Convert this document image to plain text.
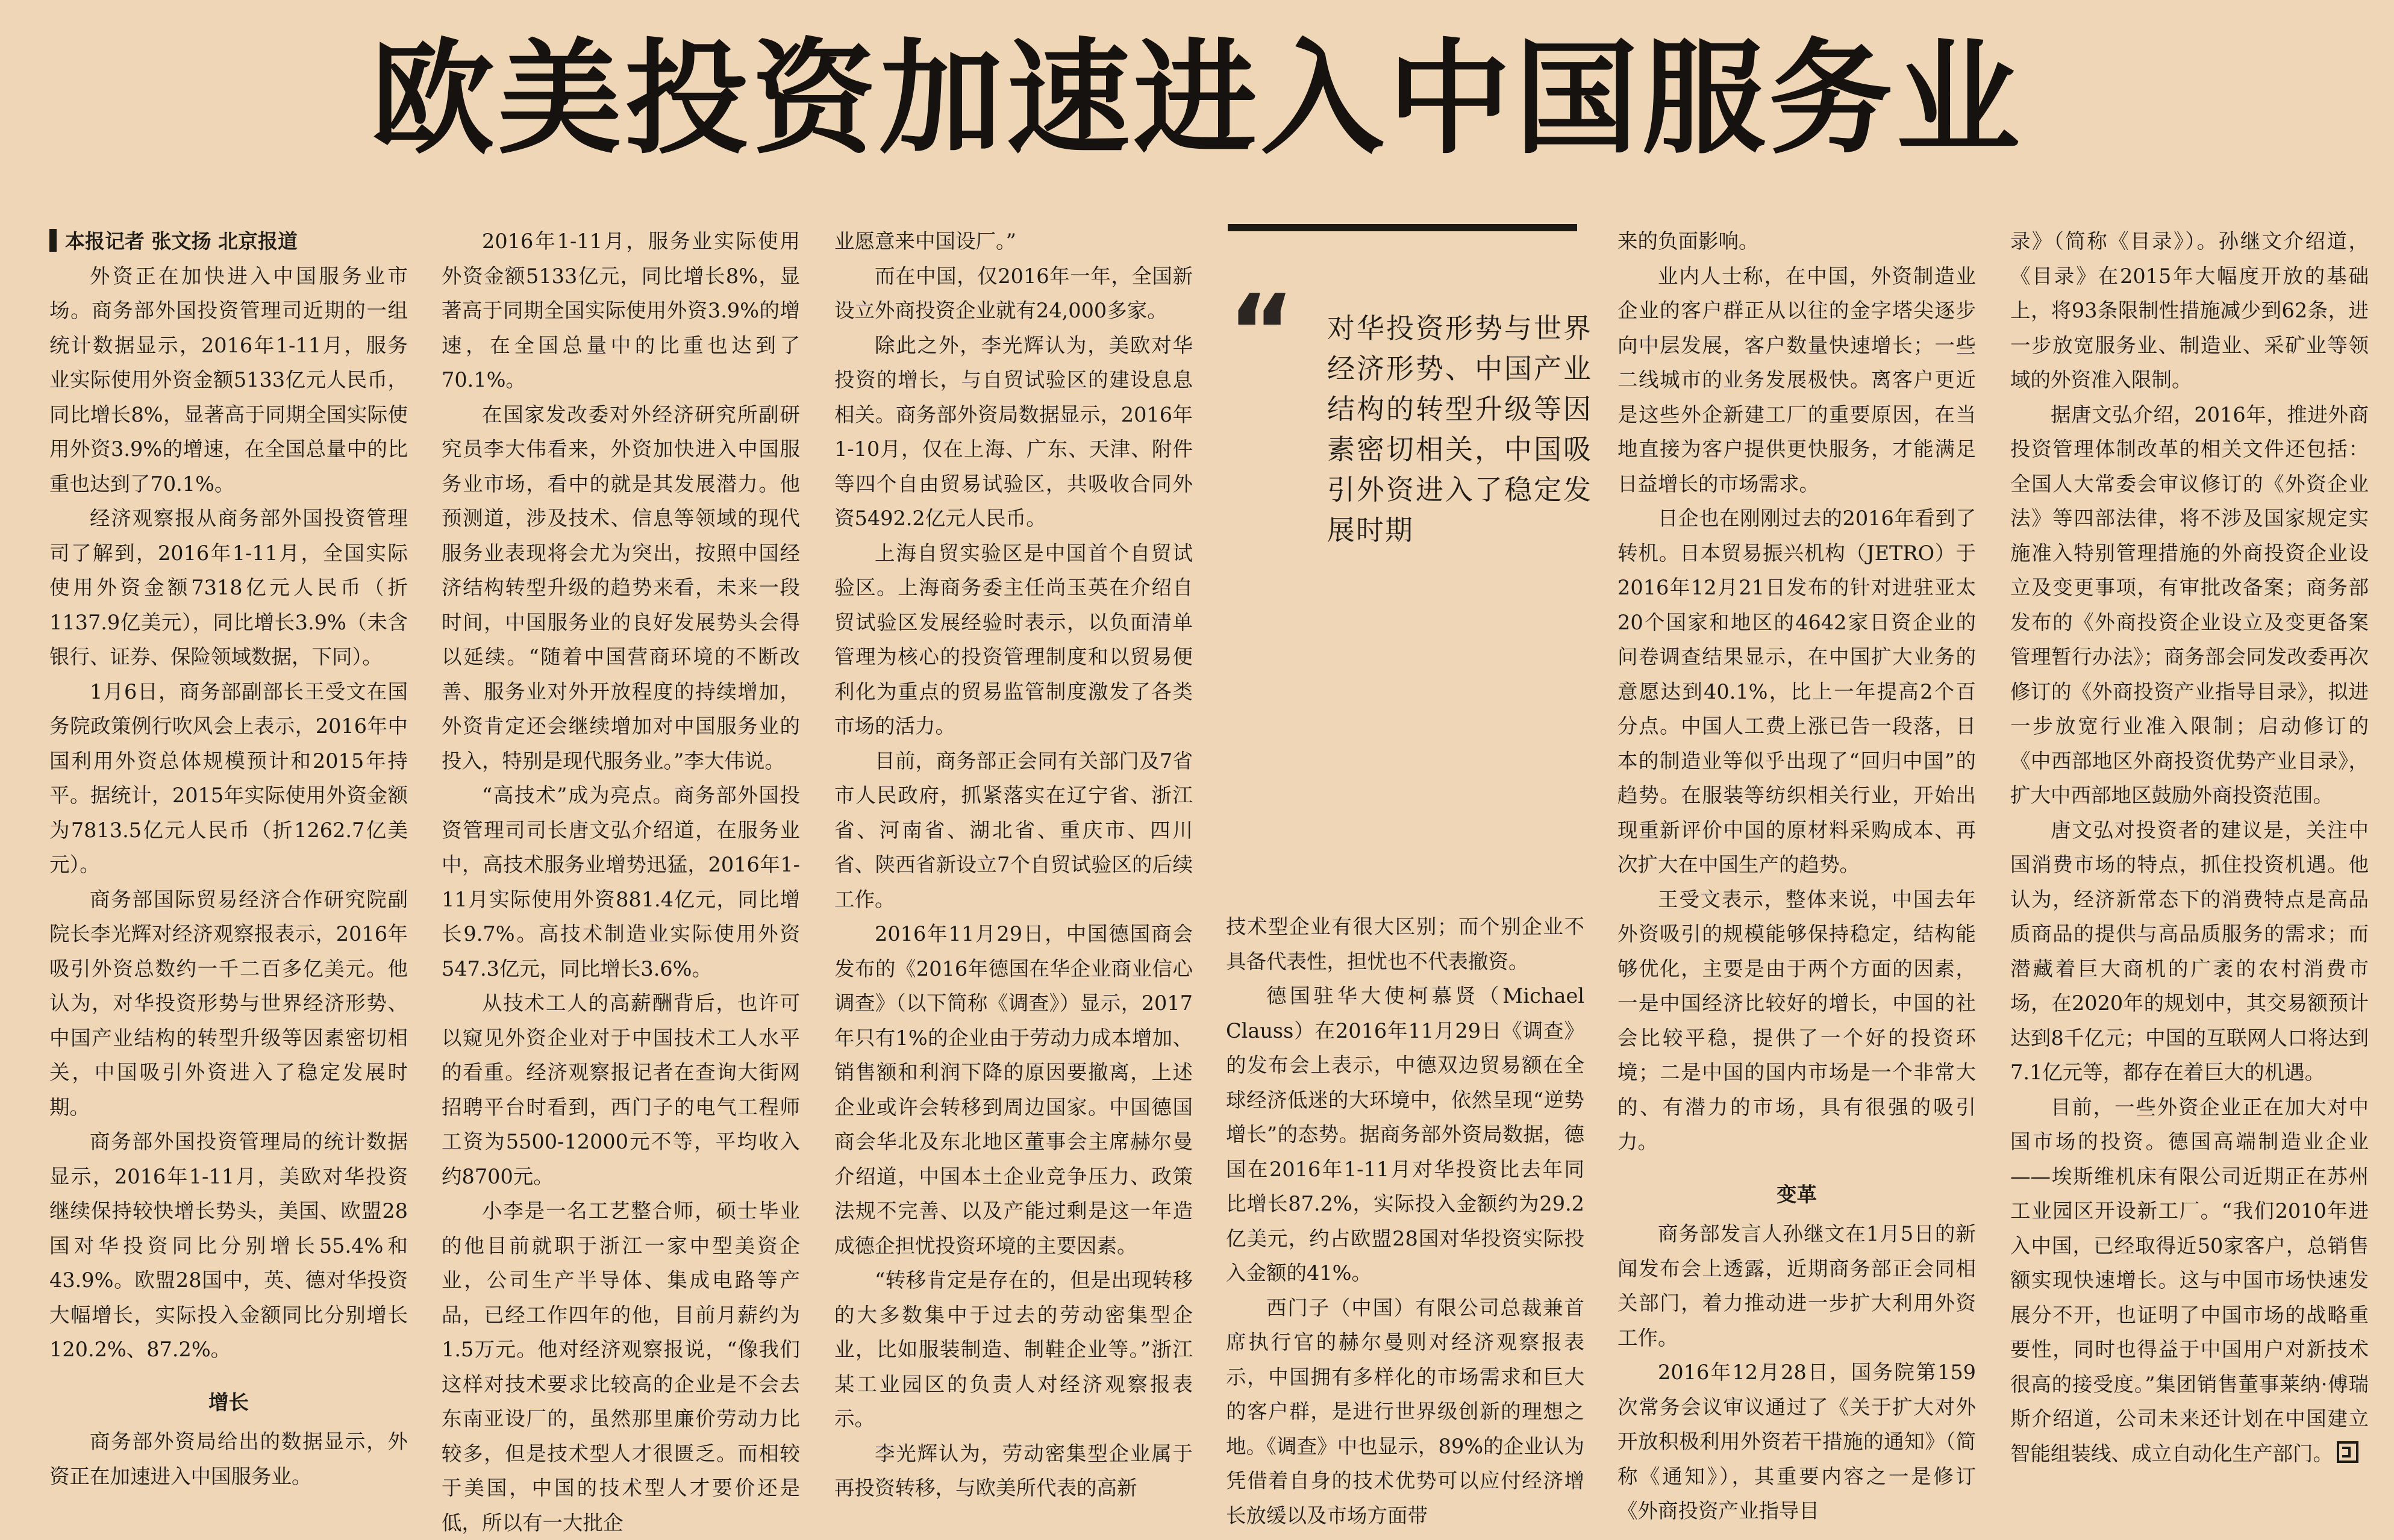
欧美投资加速进入中国服务业
本报记者 张文扬 北京报道

外资正在加快进入中国服务业市场。商务部外国投资管理司近期的一组统计数据显示，2016年1-11月，服务业实际使用外资金额5133亿元人民币，同比增长8%，显著高于同期全国实际使用外资3.9%的增速，在全国总量中的比重也达到了70.1%。

经济观察报从商务部外国投资管理司了解到，2016年1-11月，全国实际使用外资金额7318亿元人民币（折1137.9亿美元），同比增长3.9%（未含银行、证券、保险领域数据，下同）。

1月6日，商务部副部长王受文在国务院政策例行吹风会上表示，2016年中国利用外资总体规模预计和2015年持平。据统计，2015年实际使用外资金额为7813.5亿元人民币（折1262.7亿美元）。

商务部国际贸易经济合作研究院副院长李光辉对经济观察报表示，2016年吸引外资总数约一千二百多亿美元。他认为，对华投资形势与世界经济形势、中国产业结构的转型升级等因素密切相关，中国吸引外资进入了稳定发展时期。

商务部外国投资管理局的统计数据显示，2016年1-11月，美欧对华投资继续保持较快增长势头，美国、欧盟28国对华投资同比分别增长55.4%和43.9%。欧盟28国中，英、德对华投资大幅增长，实际投入金额同比分别增长120.2%、87.2%。

增长

商务部外资局给出的数据显示，外资正在加速进入中国服务业。

2016年1-11月，服务业实际使用外资金额5133亿元，同比增长8%，显著高于同期全国实际使用外资3.9%的增速，在全国总量中的比重也达到了70.1%。

在国家发改委对外经济研究所副研究员李大伟看来，外资加快进入中国服务业市场，看中的就是其发展潜力。他预测道，涉及技术、信息等领域的现代服务业表现将会尤为突出，按照中国经济结构转型升级的趋势来看，未来一段时间，中国服务业的良好发展势头会得以延续。“随着中国营商环境的不断改善、服务业对外开放程度的持续增加，外资肯定还会继续增加对中国服务业的投入，特别是现代服务业。”李大伟说。

“高技术”成为亮点。商务部外国投资管理司司长唐文弘介绍道，在服务业中，高技术服务业增势迅猛，2016年1-11月实际使用外资881.4亿元，同比增长9.7%。高技术制造业实际使用外资547.3亿元，同比增长3.6%。

从技术工人的高薪酬背后，也许可以窥见外资企业对于中国技术工人水平的看重。经济观察报记者在查询大街网招聘平台时看到，西门子的电气工程师工资为5500-12000元不等，平均收入约8700元。

小李是一名工艺整合师，硕士毕业的他目前就职于浙江一家中型美资企业，公司生产半导体、集成电路等产品，已经工作四年的他，目前月薪约为1.5万元。他对经济观察报说，“像我们这样对技术要求比较高的企业是不会去东南亚设厂的，虽然那里廉价劳动力比较多，但是技术型人才很匮乏。而相较于美国，中国的技术型人才要价还是低，所以有一大批企

业愿意来中国设厂。”

而在中国，仅2016年一年，全国新设立外商投资企业就有24,000多家。

除此之外，李光辉认为，美欧对华投资的增长，与自贸试验区的建设息息相关。商务部外资局数据显示，2016年1-10月，仅在上海、广东、天津、附件等四个自由贸易试验区，共吸收合同外资5492.2亿元人民币。

上海自贸实验区是中国首个自贸试验区。上海商务委主任尚玉英在介绍自贸试验区发展经验时表示，以负面清单管理为核心的投资管理制度和以贸易便利化为重点的贸易监管制度激发了各类市场的活力。

目前，商务部正会同有关部门及7省市人民政府，抓紧落实在辽宁省、浙江省、河南省、湖北省、重庆市、四川省、陕西省新设立7个自贸试验区的后续工作。

2016年11月29日，中国德国商会发布的《2016年德国在华企业商业信心调查》（以下简称《调查》）显示，2017年只有1%的企业由于劳动力成本增加、销售额和利润下降的原因要撤离，上述企业或许会转移到周边国家。中国德国商会华北及东北地区董事会主席赫尔曼介绍道，中国本土企业竞争压力、政策法规不完善、以及产能过剩是这一年造成德企担忧投资环境的主要因素。

“转移肯定是存在的，但是出现转移的大多数集中于过去的劳动密集型企业，比如服装制造、制鞋企业等。”浙江某工业园区的负责人对经济观察报表示。

李光辉认为，劳动密集型企业属于再投资转移，与欧美所代表的高新

“ 对华投资形势与世界经济形势、中国产业结构的转型升级等因素密切相关，中国吸引外资进入了稳定发展时期

技术型企业有很大区别；而个别企业不具备代表性，担忧也不代表撤资。

德国驻华大使柯慕贤（Michael Clauss）在2016年11月29日《调查》的发布会上表示，中德双边贸易额在全球经济低迷的大环境中，依然呈现“逆势增长”的态势。据商务部外资局数据，德国在2016年1-11月对华投资比去年同比增长87.2%，实际投入金额约为29.2亿美元，约占欧盟28国对华投资实际投入金额的41%。

西门子（中国）有限公司总裁兼首席执行官的赫尔曼则对经济观察报表示，中国拥有多样化的市场需求和巨大的客户群，是进行世界级创新的理想之地。《调查》中也显示，89%的企业认为凭借着自身的技术优势可以应付经济增长放缓以及市场方面带

来的负面影响。

业内人士称，在中国，外资制造业企业的客户群正从以往的金字塔尖逐步向中层发展，客户数量快速增长；一些二线城市的业务发展极快。离客户更近是这些外企新建工厂的重要原因，在当地直接为客户提供更快服务，才能满足日益增长的市场需求。

日企也在刚刚过去的2016年看到了转机。日本贸易振兴机构（JETRO）于2016年12月21日发布的针对进驻亚太20个国家和地区的4642家日资企业的问卷调查结果显示，在中国扩大业务的意愿达到40.1%，比上一年提高2个百分点。中国人工费上涨已告一段落，日本的制造业等似乎出现了“回归中国”的趋势。在服装等纺织相关行业，开始出现重新评价中国的原材料采购成本、再次扩大在中国生产的趋势。

王受文表示，整体来说，中国去年外资吸引的规模能够保持稳定，结构能够优化，主要是由于两个方面的因素，一是中国经济比较好的增长，中国的社会比较平稳，提供了一个好的投资环境；二是中国的国内市场是一个非常大的、有潜力的市场，具有很强的吸引力。

变革

商务部发言人孙继文在1月5日的新闻发布会上透露，近期商务部正会同相关部门，着力推动进一步扩大利用外资工作。

2016年12月28日，国务院第159次常务会议审议通过了《关于扩大对外开放积极利用外资若干措施的通知》（简称《通知》），其重要内容之一是修订《外商投资产业指导目

录》（简称《目录》）。孙继文介绍道，《目录》在2015年大幅度开放的基础上，将93条限制性措施减少到62条，进一步放宽服务业、制造业、采矿业等领域的外资准入限制。

据唐文弘介绍，2016年，推进外商投资管理体制改革的相关文件还包括：全国人大常委会审议修订的《外资企业法》等四部法律，将不涉及国家规定实施准入特别管理措施的外商投资企业设立及变更事项，有审批改备案；商务部发布的《外商投资企业设立及变更备案管理暂行办法》；商务部会同发改委再次修订的《外商投资产业指导目录》，拟进一步放宽行业准入限制；启动修订的《中西部地区外商投资优势产业目录》，扩大中西部地区鼓励外商投资范围。

唐文弘对投资者的建议是，关注中国消费市场的特点，抓住投资机遇。他认为，经济新常态下的消费特点是高品质商品的提供与高品质服务的需求；而潜藏着巨大商机的广袤的农村消费市场，在2020年的规划中，其交易额预计达到8千亿元；中国的互联网人口将达到7.1亿元等，都存在着巨大的机遇。

目前，一些外资企业正在加大对中国市场的投资。德国高端制造业企业——埃斯维机床有限公司近期正在苏州工业园区开设新工厂。“我们2010年进入中国，已经取得近50家客户，总销售额实现快速增长。这与中国市场快速发展分不开，也证明了中国市场的战略重要性，同时也得益于中国用户对新技术很高的接受度。”集团销售董事莱纳·傅瑞斯介绍道，公司未来还计划在中国建立智能组装线、成立自动化生产部门。
